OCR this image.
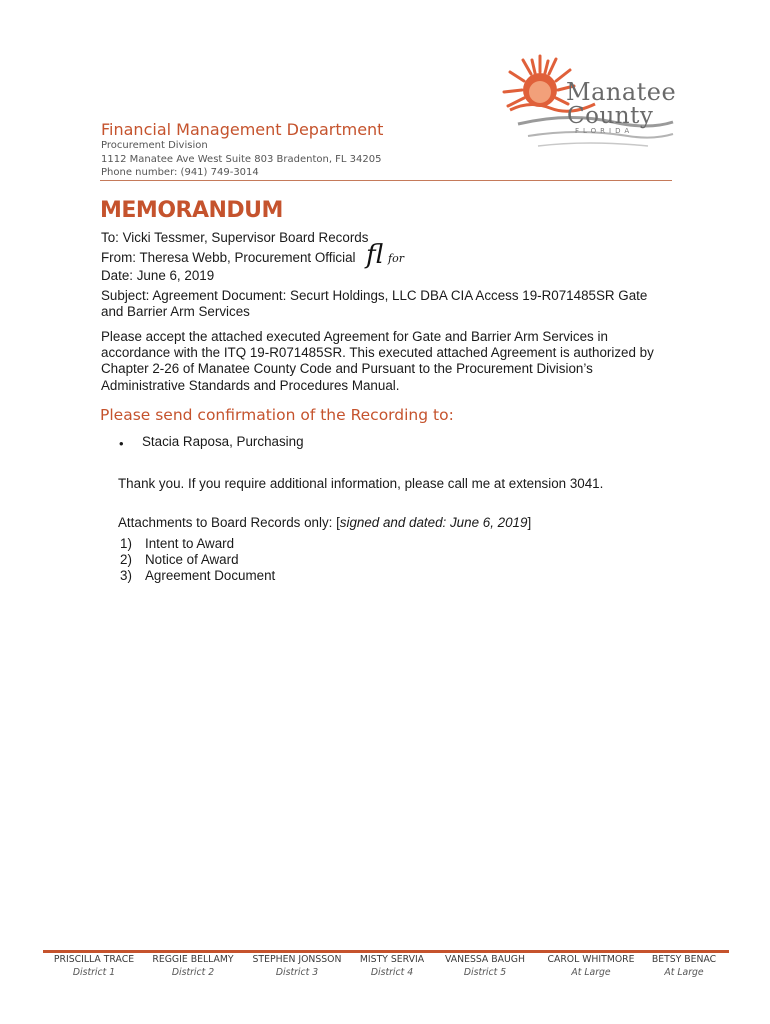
Manatee
County
FLORIDA
Financial Management Department
Procurement Division
1112 Manatee Ave West Suite 803 Bradenton, FL 34205
Phone number: (941) 749-3014
MEMORANDUM
To: Vicki Tessmer, Supervisor Board Records
From: Theresa Webb, Procurement Official
Date: June 6, 2019
Subject: Agreement Document: Securt Holdings, LLC DBA CIA Access 19-R071485SR Gate
and Barrier Arm Services
fl for
Please accept the attached executed Agreement for Gate and Barrier Arm Services in
accordance with the ITQ 19-R071485SR. This executed attached Agreement is authorized by
Chapter 2-26 of Manatee County Code and Pursuant to the Procurement Division’s
Administrative Standards and Procedures Manual.
Please send confirmation of the Recording to:
• Stacia Raposa, Purchasing
Thank you. If you require additional information, please call me at extension 3041.
Attachments to Board Records only: [signed and dated: June 6, 2019]
1) Intent to Award
2) Notice of Award
3) Agreement Document
PRISCILLA TRACE
District 1
REGGIE BELLAMY
District 2
STEPHEN JONSSON
District 3
MISTY SERVIA
District 4
VANESSA BAUGH
District 5
CAROL WHITMORE
At Large
BETSY BENAC
At Large
